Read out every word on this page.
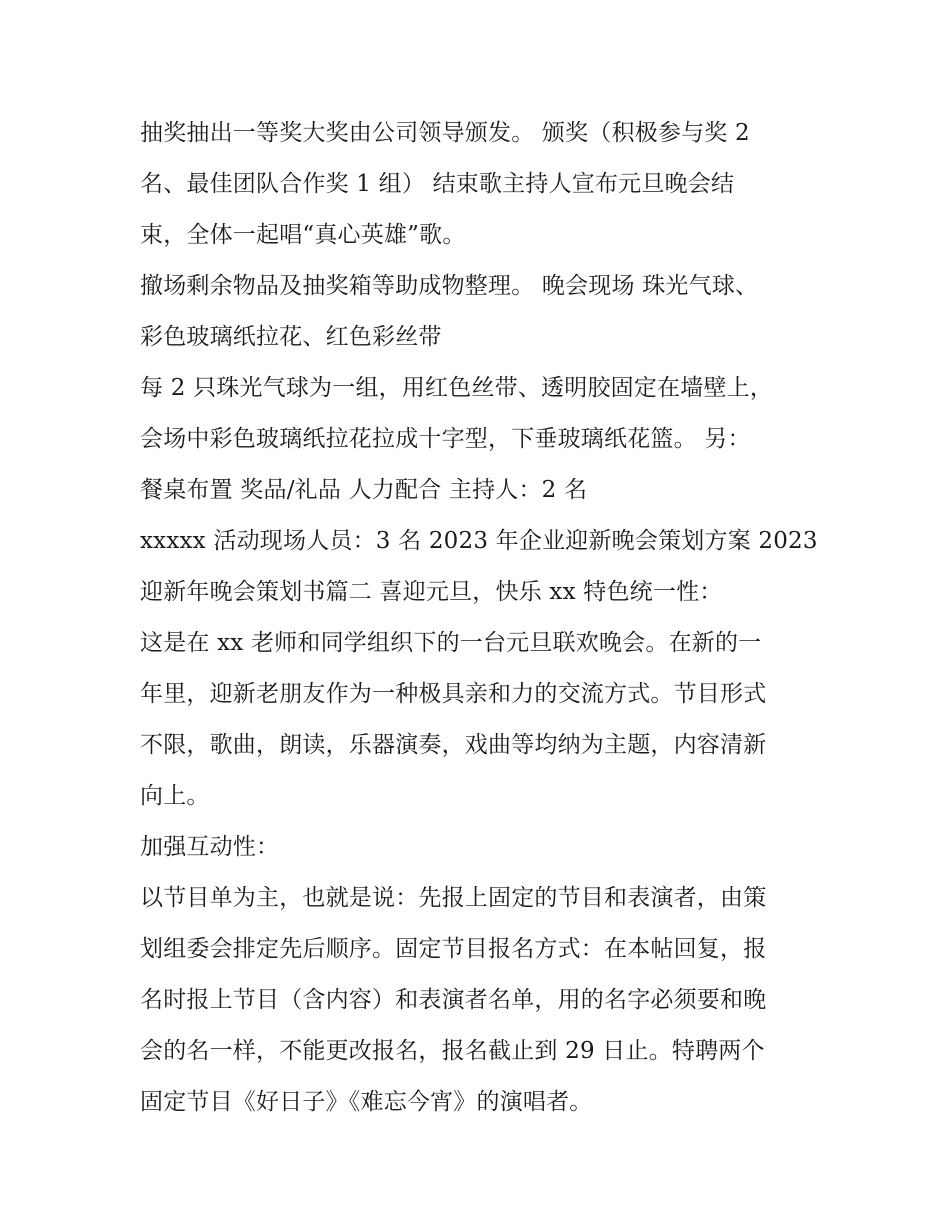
抽奖抽出一等奖大奖由公司领导颁发。 颁奖（积极参与奖 2
名、最佳团队合作奖 1 组） 结束歌主持人宣布元旦晚会结
束，全体一起唱“真心英雄”歌。
撤场剩余物品及抽奖箱等助成物整理。 晚会现场 珠光气球、
彩色玻璃纸拉花、红色彩丝带
每 2 只珠光气球为一组，用红色丝带、透明胶固定在墙壁上，
会场中彩色玻璃纸拉花拉成十字型，下垂玻璃纸花篮。 另：
餐桌布置 奖品/礼品 人力配合 主持人：2 名
xxxxx 活动现场人员：3 名 2023 年企业迎新晚会策划方案 2023
迎新年晚会策划书篇二 喜迎元旦，快乐 xx 特色统一性：
这是在 xx 老师和同学组织下的一台元旦联欢晚会。在新的一
年里，迎新老朋友作为一种极具亲和力的交流方式。节目形式
不限，歌曲，朗读，乐器演奏，戏曲等均纳为主题，内容清新
向上。
加强互动性：
以节目单为主，也就是说：先报上固定的节目和表演者，由策
划组委会排定先后顺序。固定节目报名方式：在本帖回复，报
名时报上节目（含内容）和表演者名单，用的名字必须要和晚
会的名一样，不能更改报名，报名截止到 29 日止。特聘两个
固定节目《好日子》《难忘今宵》的演唱者。
